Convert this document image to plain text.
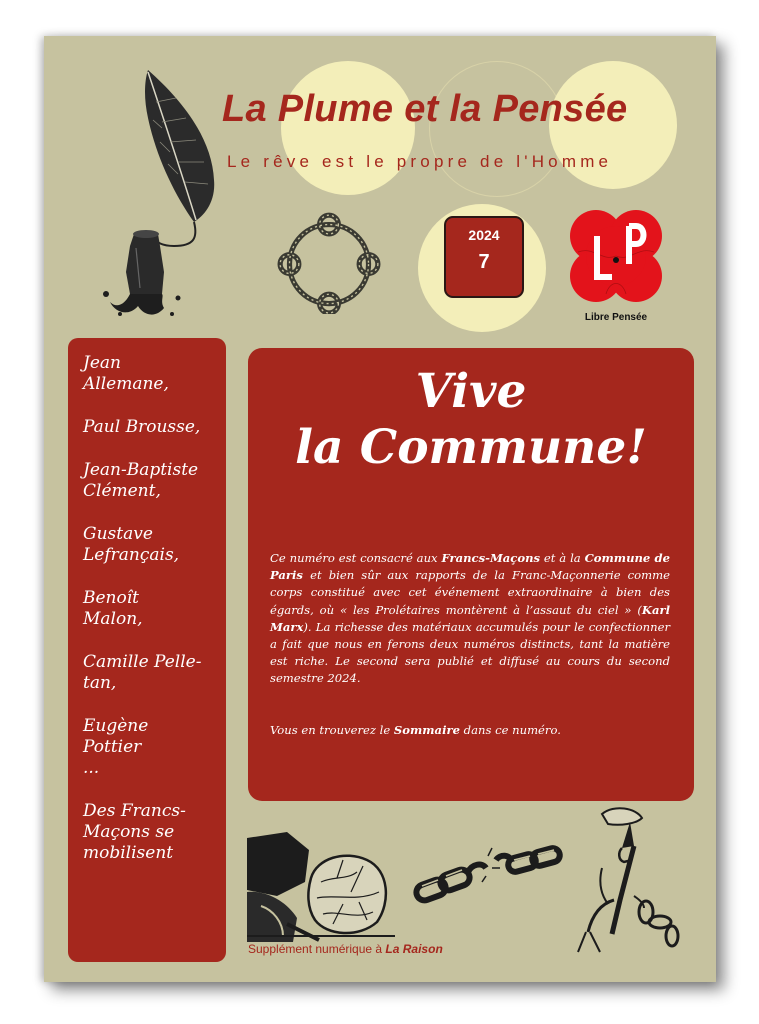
La Plume et la Pensée

Le rêve est le propre de l'Homme

2024
7
Libre Pensée
Jean
Allemane,
Paul Brousse,
Jean-Baptiste
Clément,
Gustave
Lefrançais,
Benoît
Malon,
Camille Pelle-
tan,
Eugène
Pottier
...
Des Francs-
Maçons se
mobilisent
Vive
la Commune!

Ce numéro est consacré aux Francs-Maçons et à la Commune de Paris et bien sûr aux rapports de la Franc-Maçonnerie comme corps constitué avec cet événement extraordinaire à bien des égards, où « les Prolétaires montèrent à l’assaut du ciel » (Karl Marx). La richesse des matériaux accumulés pour le confectionner a fait que nous en ferons deux numéros distincts, tant la matière est riche. Le second sera publié et diffusé au cours du second semestre 2024.

Vous en trouverez le Sommaire dans ce numéro.

Supplément numérique à La Raison
